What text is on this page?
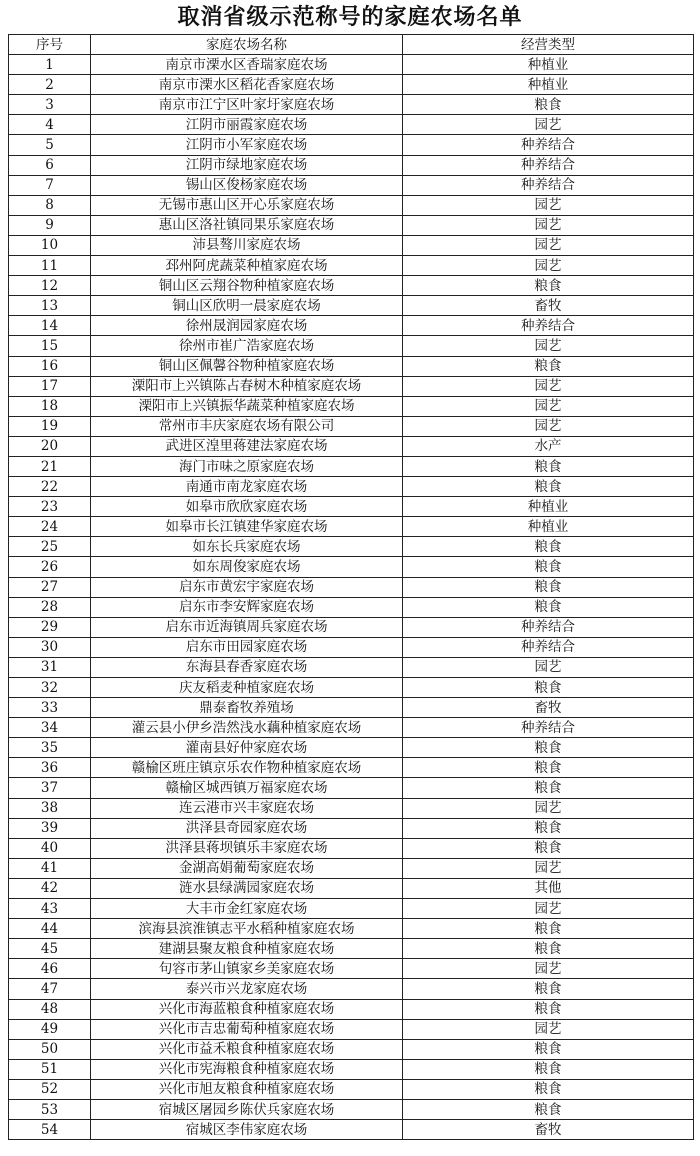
取消省级示范称号的家庭农场名单
序号	家庭农场名称	经营类型
1	南京市溧水区香瑞家庭农场	种植业
2	南京市溧水区稻花香家庭农场	种植业
3	南京市江宁区叶家圩家庭农场	粮食
4	江阴市丽霞家庭农场	园艺
5	江阴市小军家庭农场	种养结合
6	江阴市绿地家庭农场	种养结合
7	锡山区俊杨家庭农场	种养结合
8	无锡市惠山区开心乐家庭农场	园艺
9	惠山区洛社镇同果乐家庭农场	园艺
10	沛县骜川家庭农场	园艺
11	邳州阿虎蔬菜种植家庭农场	园艺
12	铜山区云翔谷物种植家庭农场	粮食
13	铜山区欣明一晨家庭农场	畜牧
14	徐州晟润园家庭农场	种养结合
15	徐州市崔广浩家庭农场	园艺
16	铜山区佩馨谷物种植家庭农场	粮食
17	溧阳市上兴镇陈占春树木种植家庭农场	园艺
18	溧阳市上兴镇振华蔬菜种植家庭农场	园艺
19	常州市丰庆家庭农场有限公司	园艺
20	武进区湟里蒋建法家庭农场	水产
21	海门市味之原家庭农场	粮食
22	南通市南龙家庭农场	粮食
23	如皋市欣欣家庭农场	种植业
24	如皋市长江镇建华家庭农场	种植业
25	如东长兵家庭农场	粮食
26	如东周俊家庭农场	粮食
27	启东市黄宏宇家庭农场	粮食
28	启东市李安辉家庭农场	粮食
29	启东市近海镇周兵家庭农场	种养结合
30	启东市田园家庭农场	种养结合
31	东海县春香家庭农场	园艺
32	庆友稻麦种植家庭农场	粮食
33	鼎泰畜牧养殖场	畜牧
34	灌云县小伊乡浩然浅水藕种植家庭农场	种养结合
35	灌南县好仲家庭农场	粮食
36	赣榆区班庄镇京乐农作物种植家庭农场	粮食
37	赣榆区城西镇万福家庭农场	粮食
38	连云港市兴丰家庭农场	园艺
39	洪泽县奇园家庭农场	粮食
40	洪泽县蒋坝镇乐丰家庭农场	粮食
41	金湖高娟葡萄家庭农场	园艺
42	涟水县绿满园家庭农场	其他
43	大丰市金红家庭农场	园艺
44	滨海县滨淮镇志平水稻种植家庭农场	粮食
45	建湖县聚友粮食种植家庭农场	粮食
46	句容市茅山镇家乡美家庭农场	园艺
47	泰兴市兴龙家庭农场	粮食
48	兴化市海蓝粮食种植家庭农场	粮食
49	兴化市吉忠葡萄种植家庭农场	园艺
50	兴化市益禾粮食种植家庭农场	粮食
51	兴化市宪海粮食种植家庭农场	粮食
52	兴化市旭友粮食种植家庭农场	粮食
53	宿城区屠园乡陈伏兵家庭农场	粮食
54	宿城区李伟家庭农场	畜牧
